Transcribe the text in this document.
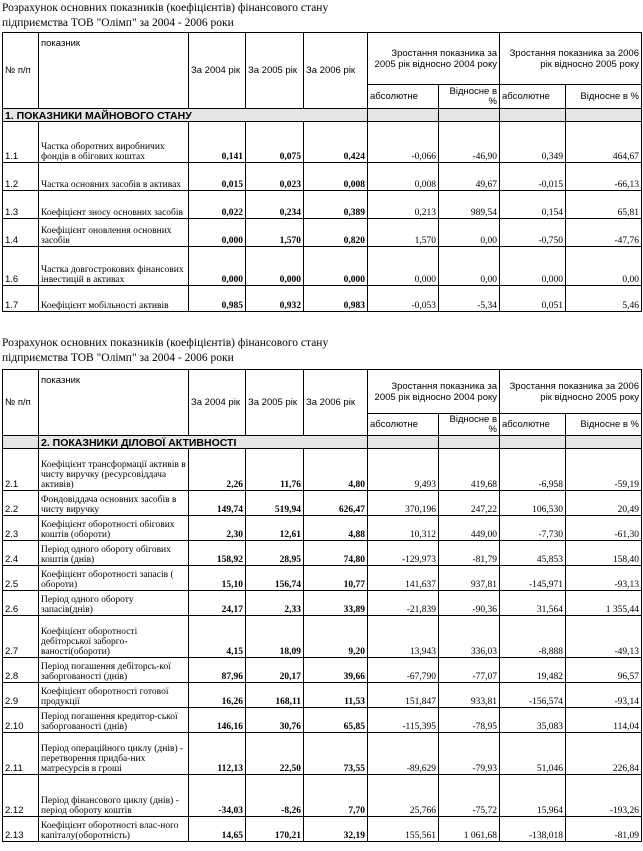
Розрахунок основних показників (коефіцієнтів) фінансового стану
підприємства ТОВ "Олімп" за 2004 - 2006 роки
№ п/п	показник	За 2004 рік	За 2005 рік	За 2006 рік	Зростання показника за 2005 рік відносно 2004 року		Зростання показника за 2006 рік відносно 2005 року	
					абсолютне	Відносне в %	абсолютне	Відносне в %
1. ПОКАЗНИКИ МАЙНОВОГО СТАНУ								
1.1	Частка оборотних виробничих фондів в обігових коштах	0,141	0,075	0,424	-0,066	-46,90	0,349	464,67
1.2	Частка основних засобів в активах	0,015	0,023	0,008	0,008	49,67	-0,015	-66,13
1.3	Коефіцієнт зносу основних засобів	0,022	0,234	0,389	0,213	989,54	0,154	65,81
1.4	Коефіцієнт оновлення основних засобів	0,000	1,570	0,820	1,570	0,00	-0,750	-47,76
1.6	Частка довгострокових фінансових інвестицій в активах	0,000	0,000	0,000	0,000	0,00	0,000	0,00
1.7	Коефіцієнт мобільності активів	0,985	0,932	0,983	-0,053	-5,34	0,051	5,46
Розрахунок основних показників (коефіцієнтів) фінансового стану
підприємства ТОВ "Олімп" за 2004 - 2006 роки
№ п/п	показник	За 2004 рік	За 2005 рік	За 2006 рік	Зростання показника за 2005 рік відносно 2004 року		Зростання показника за 2006 рік відносно 2005 року	
					абсолютне	Відносне в %	абсолютне	Відносне в %
	2. ПОКАЗНИКИ ДІЛОВОЇ АКТИВНОСТІ							
2.1	Коефіцієнт трансформації активів в чисту виручку (ресурсовіддача активів)	2,26	11,76	4,80	9,493	419,68	-6,958	-59,19
2.2	Фондовіддача основних засобів в чисту виручку	149,74	519,94	626,47	370,196	247,22	106,530	20,49
2.3	Коефіцієнт оборотності обігових коштів (обороти)	2,30	12,61	4,88	10,312	449,00	-7,730	-61,30
2.4	Період одного обороту обігових коштів (днів)	158,92	28,95	74,80	-129,973	-81,79	45,853	158,40
2.5	Коефіцієнт оборотності запасів ( обороти)	15,10	156,74	10,77	141,637	937,81	-145,971	-93,13
2.6	Період одного обороту запасів(днів)	24,17	2,33	33,89	-21,839	-90,36	31,564	1 355,44
2.7	Коефіцієнт оборотності дебіторської заборго-ваності(обороти)	4,15	18,09	9,20	13,943	336,03	-8,888	-49,13
2.8	Період погашення дебіторсь-кої заборгованості (днів)	87,96	20,17	39,66	-67,790	-77,07	19,482	96,57
2.9	Коефіцієнт оборотності готової продукції	16,26	168,11	11,53	151,847	933,81	-156,574	-93,14
2.10	Період погашення кредитор-ської заборгованості (днів)	146,16	30,76	65,85	-115,395	-78,95	35,083	114,04
2.11	Період операційного циклу (днів) - перетворення придба-них матресурсів в гроші	112,13	22,50	73,55	-89,629	-79,93	51,046	226,84
2.12	Період фінансового циклу (днів) - період обороту коштів	-34,03	-8,26	7,70	25,766	-75,72	15,964	-193,26
2.13	Коефіцієнт оборотності влас-ного капіталу(оборотність)	14,65	170,21	32,19	155,561	1 061,68	-138,018	-81,09
